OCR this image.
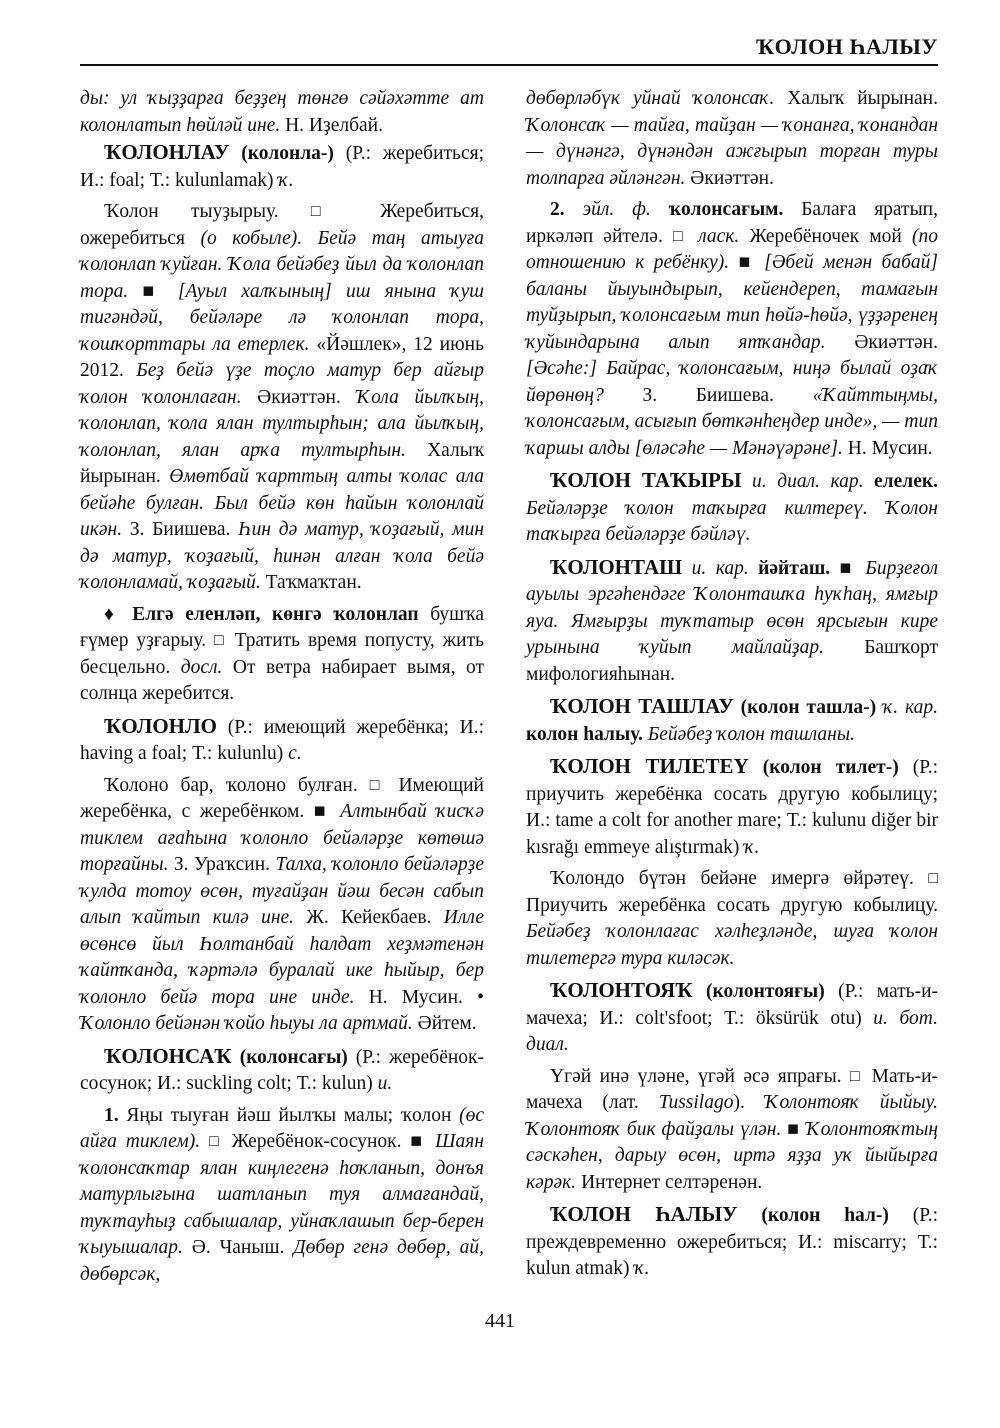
ҠОЛОН ҺАЛЫУ

ды: ул ҡыҙҙарға беҙҙең төнгө сәйәхәтте ат колонлатып һөйләй ине. Н. Иҙелбай.

ҠОЛОНЛАУ (колонла-) (Р.: жеребиться; И.: foal; Т.: kulunlamak) ҡ.

Ҡолон тыуҙырыу. □ Жеребиться, ожеребиться (о кобыле). Бейә таң атыуға ҡолонлап ҡуйған. Ҡола бейәбеҙ йыл да ҡолонлап тора. ■ [Ауыл халҡының] иш янына ҡуш тигәндәй, бейәләре лә ҡолонлап тора, ҡошҡорттары ла етерлек. «Йәшлек», 12 июнь 2012. Беҙ бейә үҙе тоҫло матур бер айғыр ҡолон ҡолонлаған. Әкиәттән. Ҡола йылҡың, ҡолонлап, ҡола ялан тултырһын; ала йылҡың, ҡолонлап, ялан арҡа тултырһын. Халыҡ йырынан. Өмөтбай ҡарттың алты ҡолас ала бейәһе булған. Был бейә көн һайын ҡолонлай икән. З. Биишева. Һин дә матур, ҡоҙағый, мин дә матур, ҡоҙағый, һинән алған ҡола бейә ҡолонламай, ҡоҙағый. Таҡмаҡтан.

♦ Елгә еленләп, көнгә ҡолонлап бушҡа ғүмер уҙғарыу. □ Тратить время попусту, жить бесцельно. досл. От ветра набирает вымя, от солнца жеребится.

ҠОЛОНЛО (Р.: имеющий жеребёнка; И.: having a foal; Т.: kulunlu) с.

Ҡолоно бар, ҡолоно булған. □ Имеющий жеребёнка, с жеребёнком. ■ Алтынбай ҡисҡә тиклем ағаһына ҡолонло бейәләрҙе көтөшә торғайны. З. Ураҡсин. Талха, ҡолонло бейәләрҙе ҡулда тотоу өсөн, туғайҙан йәш бесән сабып алып ҡайтып килә ине. Ж. Кейекбаев. Илле өсөнсө йыл Һолтанбай һалдат хеҙмәтенән ҡайтҡанда, ҡәртәлә буралай ике һыйыр, бер ҡолонло бейә тора ине инде. Н. Мусин. • Ҡолонло бейәнән ҡойо һыуы ла артмай. Әйтем.

ҠОЛОНСАҠ (колонсағы) (Р.: жеребёнок-сосунок; И.: suckling colt; Т.: kulun) и.

1. Яңы тыуған йәш йылҡы малы; ҡолон (өс айға тиклем). □ Жеребёнок-сосунок. ■ Шаян ҡолонсаҡтар ялан киңлегенә һоҡланып, донъя матурлығына шатланып туя алмағандай, туҡтауһыҙ сабышалар, уйнаҡлашып бер-берен ҡыуышалар. Ә. Чаныш. Дөбөр генә дөбөр, ай, дөбөрсәк,

дөбөрләбүк уйнай ҡолонсаҡ. Халыҡ йырынан. Ҡолонсаҡ — тайға, тайҙан — ҡонанға, ҡонандан — дүнәнгә, дүнәндән ажғырып торған туры толпарға әйләнгән. Әкиәттән.

2. эйл. ф. ҡолонсағым. Балаға яратып, иркәләп әйтелә. □ ласк. Жеребёночек мой (по отношению к ребёнку). ■ [Әбей менән бабай] баланы йыуындырып, кейендереп, тамағын туйҙырып, ҡолонсағым тип һөйә-һөйә, үҙҙәренең ҡуйындарына алып ятҡандар. Әкиәттән. [Әсәһе:] Байрас, ҡолонсағым, ниңә былай оҙаҡ йөрөнөң? З. Биишева. «Ҡайттыңмы, ҡолонсағым, асығып бөткәнһеңдер инде», — тип ҡаршы алды [өләсәһе — Мәнәүәрәне]. Н. Мусин.

ҠОЛОН ТАҠЫРЫ и. диал. кар. елелек. Бейәләрҙе ҡолон таҡырға килтереү. Ҡолон таҡырға бейәләрҙе бәйләү.

ҠОЛОНТАШ и. кар. йәйташ. ■ Бирҙеғол ауылы эргәһендәге Ҡолонташҡа һуҡһаң, ямғыр яуа. Ямғырҙы туҡтатыр өсөн ярсығын кире урынына ҡуйып майлайҙар. Башҡорт мифологияһынан.

ҠОЛОН ТАШЛАУ (колон ташла-) ҡ. кар. колон һалыу. Бейәбеҙ ҡолон ташланы.

ҠОЛОН ТИЛЕТЕҮ (колон тилет-) (Р.: приучить жеребёнка сосать другую кобылицу; И.: tame a colt for another mare; Т.: kulunu diğer bir kısrağı emmeye alıştırmak) ҡ.

Ҡолондо бүтән бейәне имергә өйрәтеү. □ Приучить жеребёнка сосать другую кобылицу. Бейәбеҙ ҡолонлағас хәлһеҙләнде, шуға ҡолон тилетергә тура киләсәк.

ҠОЛОНТОЯҠ (колонтояғы) (Р.: мать-и-мачеха; И.: colt'sfoot; Т.: öksürük otu) и. бот. диал.

Үгәй инә үләне, үгәй әсә япрағы. □ Мать-и-мачеха (лат. Tussilago). Ҡолонтояҡ йыйыу. Ҡолонтояҡ бик файҙалы үлән. ■ Ҡолонтояҡтың сәскәһен, дарыу өсөн, иртә яҙҙа уҡ йыйырға кәрәк. Интернет селтәренән.

ҠОЛОН ҺАЛЫУ (колон һал-) (Р.: преждевременно ожеребиться; И.: miscarry; Т.: kulun atmak) ҡ.

441
